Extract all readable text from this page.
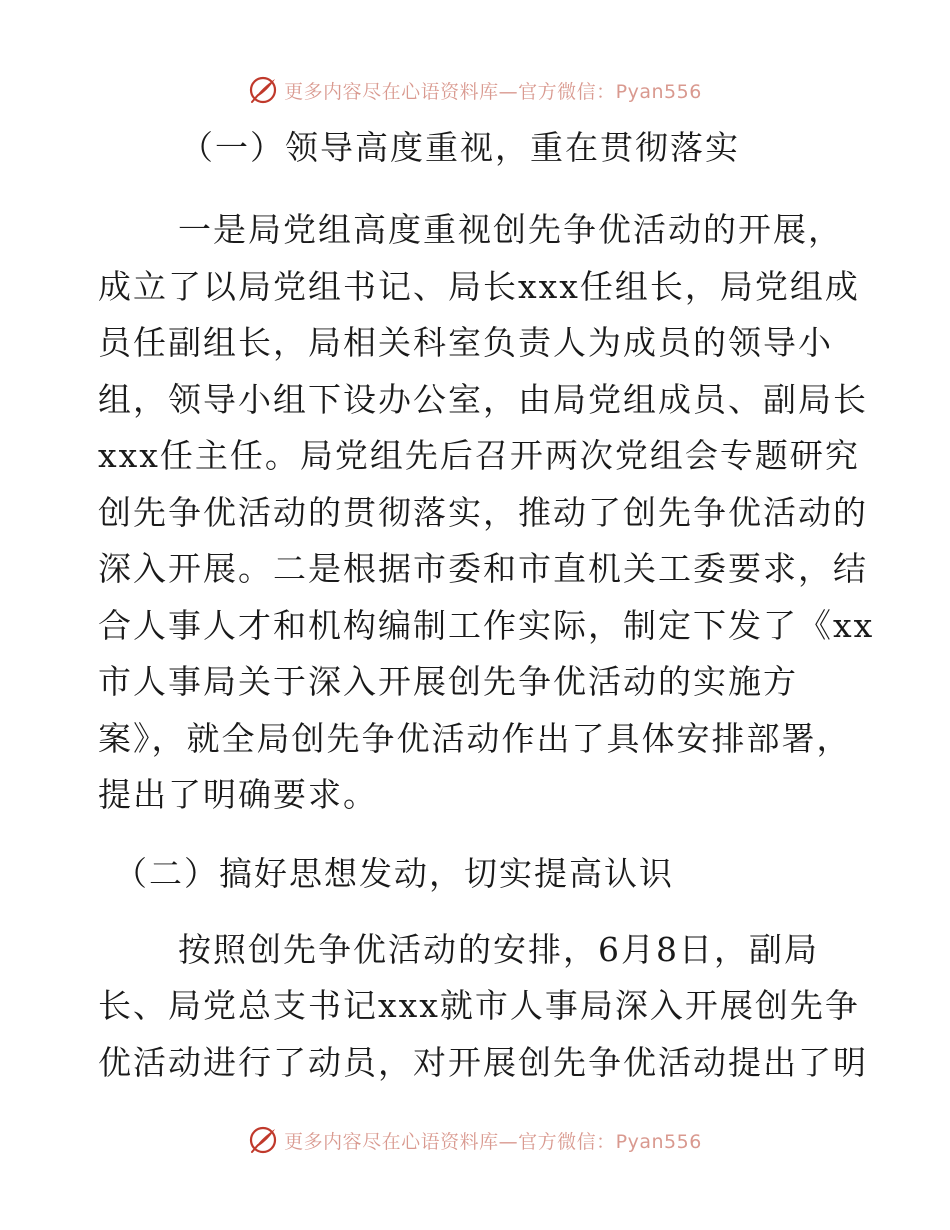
更多内容尽在心语资料库—官方微信：Pyan556
（一）领导高度重视，重在贯彻落实
一是局党组高度重视创先争优活动的开展，
成立了以局党组书记、局长xxx任组长，局党组成
员任副组长，局相关科室负责人为成员的领导小
组，领导小组下设办公室，由局党组成员、副局长
xxx任主任。局党组先后召开两次党组会专题研究
创先争优活动的贯彻落实，推动了创先争优活动的
深入开展。二是根据市委和市直机关工委要求，结
合人事人才和机构编制工作实际，制定下发了《xx
市人事局关于深入开展创先争优活动的实施方
案》，就全局创先争优活动作出了具体安排部署，
提出了明确要求。
（二）搞好思想发动，切实提高认识
按照创先争优活动的安排，6月8日，副局
长、局党总支书记xxx就市人事局深入开展创先争
优活动进行了动员，对开展创先争优活动提出了明
更多内容尽在心语资料库—官方微信：Pyan556
